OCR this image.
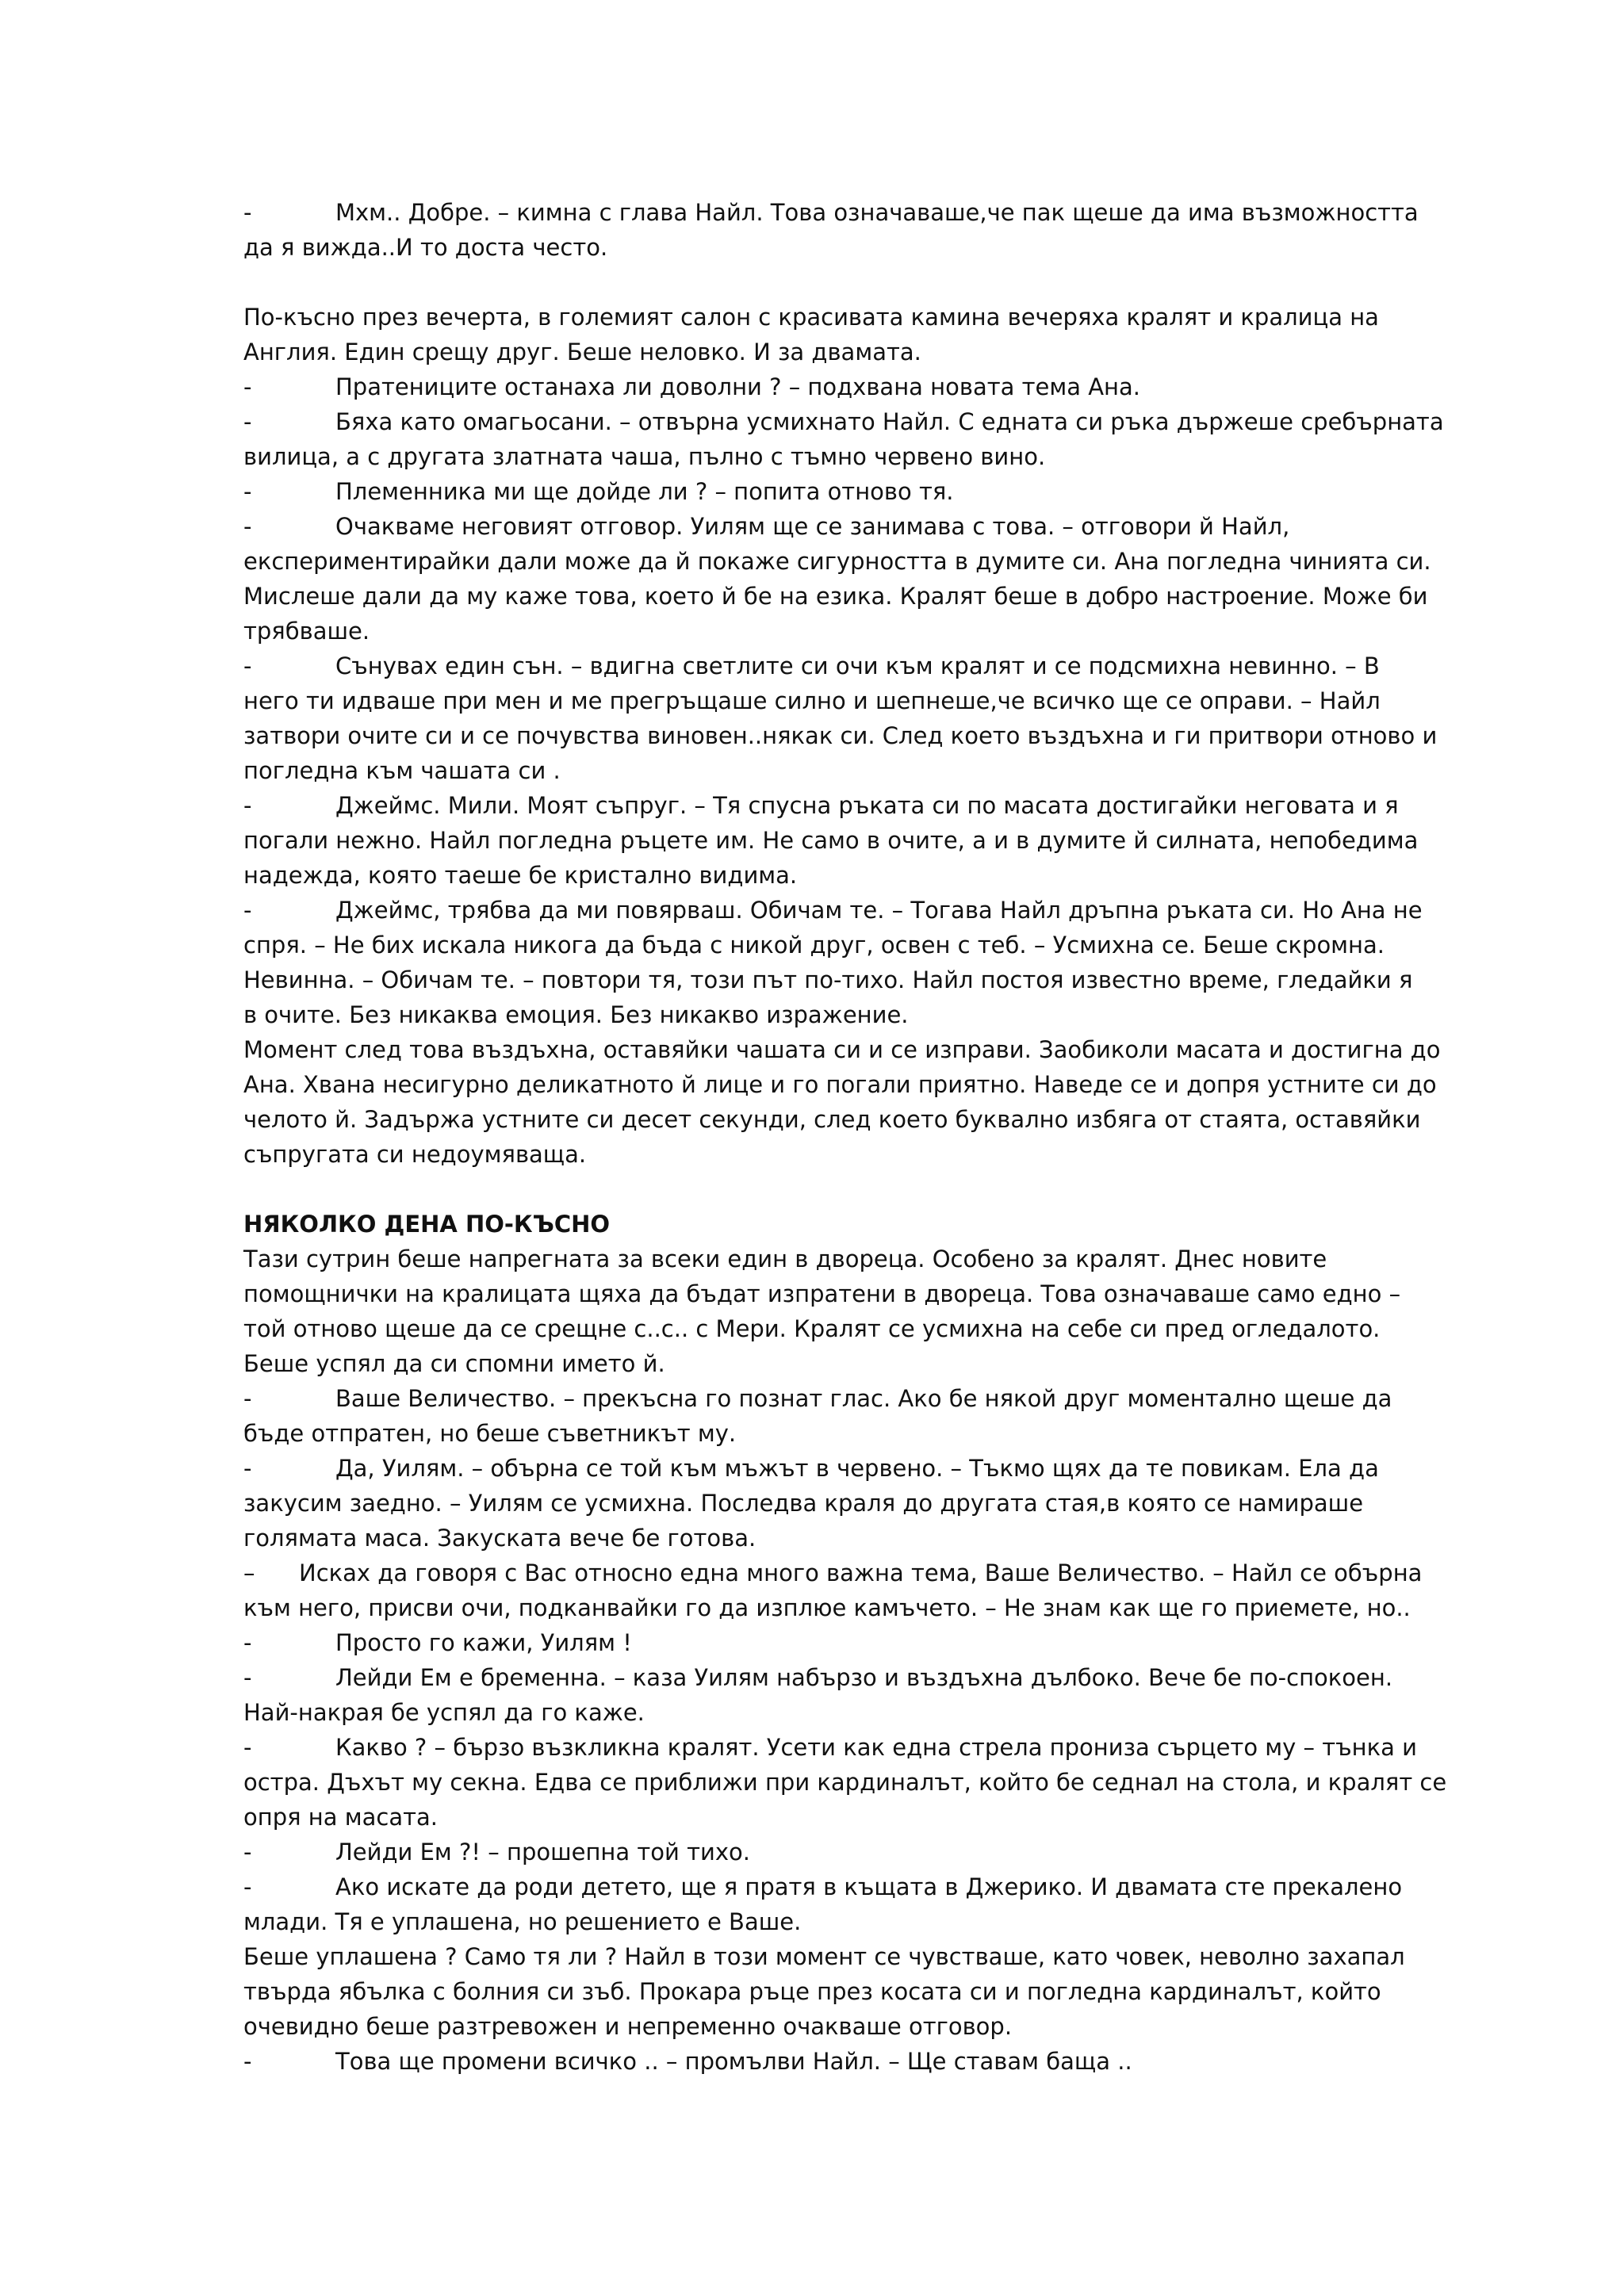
-	Мхм.. Добре. – кимна с глава Найл. Това означаваше,че пак щеше да има възможността
да я вижда..И то доста често.
По-късно през вечерта, в големият салон с красивата камина вечеряха кралят и кралица на
Англия. Един срещу друг. Беше неловко. И за двамата.
-	Пратениците останаха ли доволни ? – подхвана новата тема Ана.
-	Бяха като омагьосани. – отвърна усмихнато Найл. С едната си ръка държеше сребърната
вилица, а с другата златната чаша, пълно с тъмно червено вино.
-	Племенника ми ще дойде ли ? – попита отново тя.
-	Очакваме неговият отговор. Уилям ще се занимава с това. – отговори й Найл,
експериментирайки дали може да й покаже сигурността в думите си. Ана погледна чинията си.
Мислеше дали да му каже това, което й бе на езика. Кралят беше в добро настроение. Може би
трябваше.
-	Сънувах един сън. – вдигна светлите си очи към кралят и се подсмихна невинно. – В
него ти идваше при мен и ме прегръщаше силно и шепнеше,че всичко ще се оправи. – Найл
затвори очите си и се почувства виновен..някак си. След което въздъхна и ги притвори отново и
погледна към чашата си .
-	Джеймс. Мили. Моят съпруг. – Тя спусна ръката си по масата достигайки неговата и я
погали нежно. Найл погледна ръцете им. Не само в очите, а и в думите й силната, непобедима
надежда, която таеше бе кристално видима.
-	Джеймс, трябва да ми повярваш. Обичам те. – Тогава Найл дръпна ръката си. Но Ана не
спря. – Не бих искала никога да бъда с никой друг, освен с теб. – Усмихна се. Беше скромна.
Невинна. – Обичам те. – повтори тя, този път по-тихо. Найл постоя известно време, гледайки я
в очите. Без никаква емоция. Без никакво изражение.
Момент след това въздъхна, оставяйки чашата си и се изправи. Заобиколи масата и достигна до
Ана. Хвана несигурно деликатното й лице и го погали приятно. Наведе се и допря устните си до
челото й. Задържа устните си десет секунди, след което буквално избяга от стаята, оставяйки
съпругата си недоумяваща.
НЯКОЛКО ДЕНА ПО-КЪСНО
Тази сутрин беше напрегната за всеки един в двореца. Особено за кралят. Днес новите
помощнички на кралицата щяха да бъдат изпратени в двореца. Това означаваше само едно –
той отново щеше да се срещне с..с.. с Мери. Кралят се усмихна на себе си пред огледалото.
Беше успял да си спомни името й.
-	Ваше Величество. – прекъсна го познат глас. Ако бе някой друг моментално щеше да
бъде отпратен, но беше съветникът му.
-	Да, Уилям. – обърна се той към мъжът в червено. – Тъкмо щях да те повикам. Ела да
закусим заедно. – Уилям се усмихна. Последва краля до другата стая,в която се намираше
голямата маса. Закуската вече бе готова.
– Исках да говоря с Вас относно една много важна тема, Ваше Величество. – Найл се обърна
към него, присви очи, подканвайки го да изплюе камъчето. – Не знам как ще го приемете, но..
-	Просто го кажи, Уилям !
-	Лейди Ем е бременна. – каза Уилям набързо и въздъхна дълбоко. Вече бе по-спокоен.
Най-накрая бе успял да го каже.
-	Какво ? – бързо възкликна кралят. Усети как една стрела прониза сърцето му – тънка и
остра. Дъхът му секна. Едва се приближи при кардиналът, който бе седнал на стола, и кралят се
опря на масата.
-	Лейди Ем ?! – прошепна той тихо.
-	Ако искате да роди детето, ще я пратя в къщата в Джерико. И двамата сте прекалено
млади. Тя е уплашена, но решението е Ваше.
Беше уплашена ? Само тя ли ? Найл в този момент се чувстваше, като човек, неволно захапал
твърда ябълка с болния си зъб. Прокара ръце през косата си и погледна кардиналът, който
очевидно беше разтревожен и непременно очакваше отговор.
-	Това ще промени всичко .. – промълви Найл. – Ще ставам баща ..
